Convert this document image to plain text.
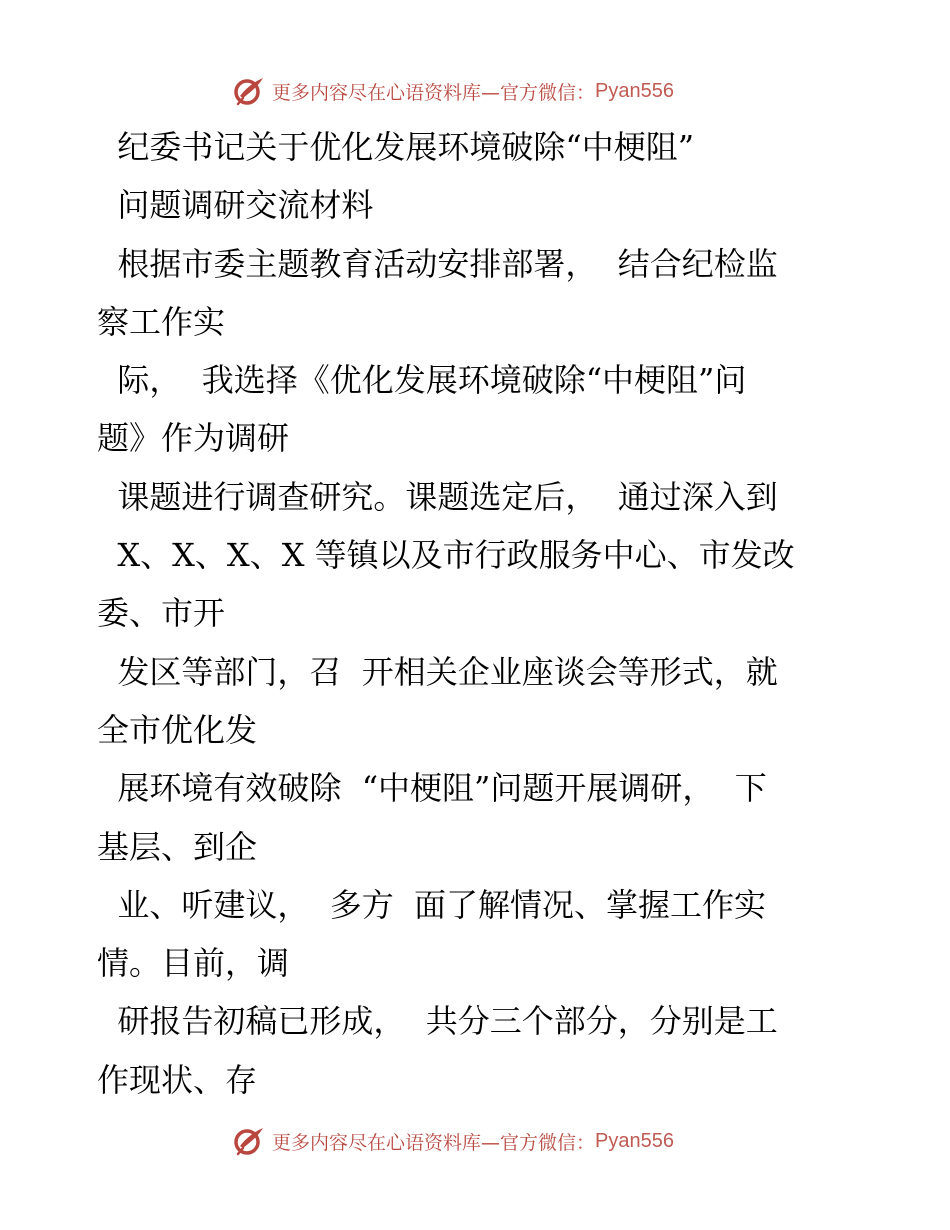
更多内容尽在心语资料库—官方微信： Pyan556
纪委书记关于优化发展环境破除“中梗阻”
问题调研交流材料
根据市委主题教育活动安排部署，  结合纪检监
察工作实
际，  我选择《优化发展环境破除“中梗阻”问
题》作为调研
课题进行调查研究。课题选定后，  通过深入到
X、X、X、X 等镇以及市行政服务中心、市发改
委、市开
发区等部门，召  开相关企业座谈会等形式，就
全市优化发
展环境有效破除  “中梗阻”问题开展调研，  下
基层、到企
业、听建议，  多方  面了解情况、掌握工作实
情。目前，调
研报告初稿已形成，  共分三个部分，分别是工
作现状、存
更多内容尽在心语资料库—官方微信： Pyan556
